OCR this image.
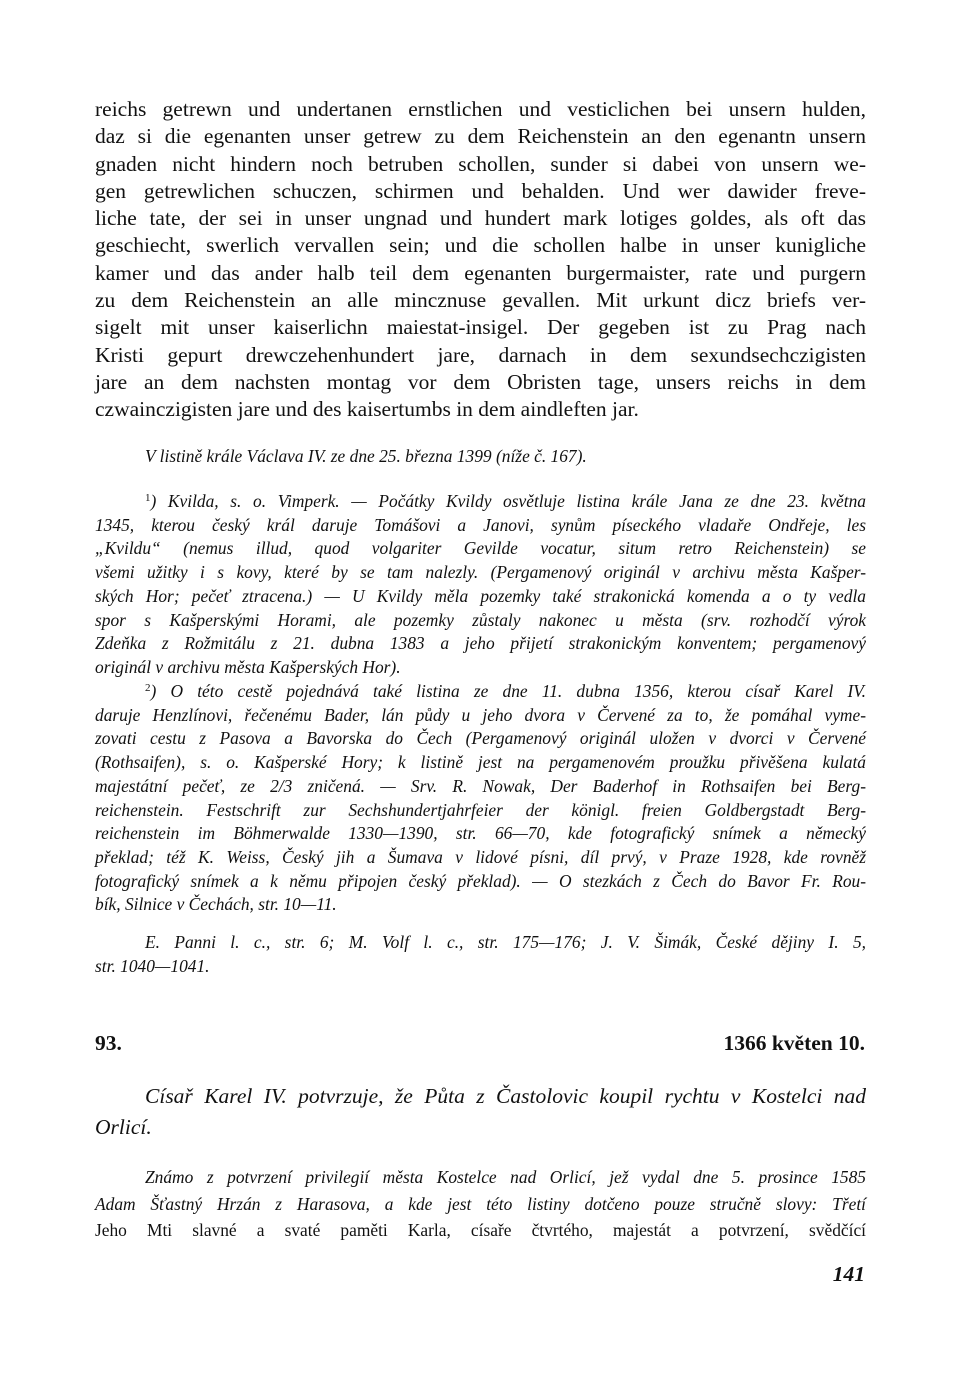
reichs getrewn und undertanen ernstlichen und vesticlichen bei unsern hulden,
daz si die egenanten unser getrew zu dem Reichenstein an den egenantn unsern
gnaden nicht hindern noch betruben schollen, sunder si dabei von unsern we-
gen getrewlichen schuczen, schirmen und behalden. Und wer dawider freve-
liche tate, der sei in unser ungnad und hundert mark lotiges goldes, als oft das
geschiecht, swerlich vervallen sein; und die schollen halbe in unser kunigliche
kamer und das ander halb teil dem egenanten burgermaister, rate und purgern
zu dem Reichenstein an alle mincznuse gevallen. Mit urkunt dicz briefs ver-
sigelt mit unser kaiserlichn maiestat-insigel. Der gegeben ist zu Prag nach
Kristi gepurt drewczehenhundert jare, darnach in dem sexundsechczigisten
jare an dem nachsten montag vor dem Obristen tage, unsers reichs in dem
czwainczigisten jare und des kaisertumbs in dem aindleften jar.
V listině krále Václava IV. ze dne 25. března 1399 (níže č. 167).
$^1$) Kvilda, s. o. Vimperk. — Počátky Kvildy osvětluje listina krále Jana ze dne 23. května
1345, kterou český král daruje Tomášovi a Janovi, synům píseckého vladaře Ondřeje, les
„Kvildu“ (nemus illud, quod volgariter Gevilde vocatur, situm retro Reichenstein) se
všemi užitky i s kovy, které by se tam nalezly. (Pergamenový originál v archivu města Kašper-
ských Hor; pečeť ztracena.) — U Kvildy měla pozemky také strakonická komenda a o ty vedla
spor s Kašperskými Horami, ale pozemky zůstaly nakonec u města (srv. rozhodčí výrok
Zdeňka z Rožmitálu z 21. dubna 1383 a jeho přijetí strakonickým konventem; pergamenový
originál v archivu města Kašperských Hor).
$^2$) O této cestě pojednává také listina ze dne 11. dubna 1356, kterou císař Karel IV.
daruje Henzlínovi, řečenému Bader, lán půdy u jeho dvora v Červené za to, že pomáhal vyme-
zovati cestu z Pasova a Bavorska do Čech (Pergamenový originál uložen v dvorci v Červené
(Rothsaifen), s. o. Kašperské Hory; k listině jest na pergamenovém proužku přivěšena kulatá
majestátní pečeť, ze 2/3 zničená. — Srv. R. Nowak, Der Baderhof in Rothsaifen bei Berg-
reichenstein. Festschrift zur Sechshundertjahrfeier der königl. freien Goldbergstadt Berg-
reichenstein im Böhmerwalde 1330—1390, str. 66—70, kde fotografický snímek a německý
překlad; též K. Weiss, Český jih a Šumava v lidové písni, díl prvý, v Praze 1928, kde rovněž
fotografický snímek a k němu připojen český překlad). — O stezkách z Čech do Bavor Fr. Rou-
bík, Silnice v Čechách, str. 10—11.
E. Panni l. c., str. 6; M. Volf l. c., str. 175—176; J. V. Šimák, České dějiny I. 5,
str. 1040—1041.
93.	1366 květen 10.
Císař Karel IV. potvrzuje, že Půta z Častolovic koupil rychtu v Kostelci nad
Orlicí.
Známo z potvrzení privilegií města Kostelce nad Orlicí, jež vydal dne 5. prosince 1585
Adam Šťastný Hrzán z Harasova, a kde jest této listiny dotčeno pouze stručně slovy: Třetí
Jeho Mti slavné a svaté paměti Karla, císaře čtvrtého, majestát a potvrzení, svědčící
141
